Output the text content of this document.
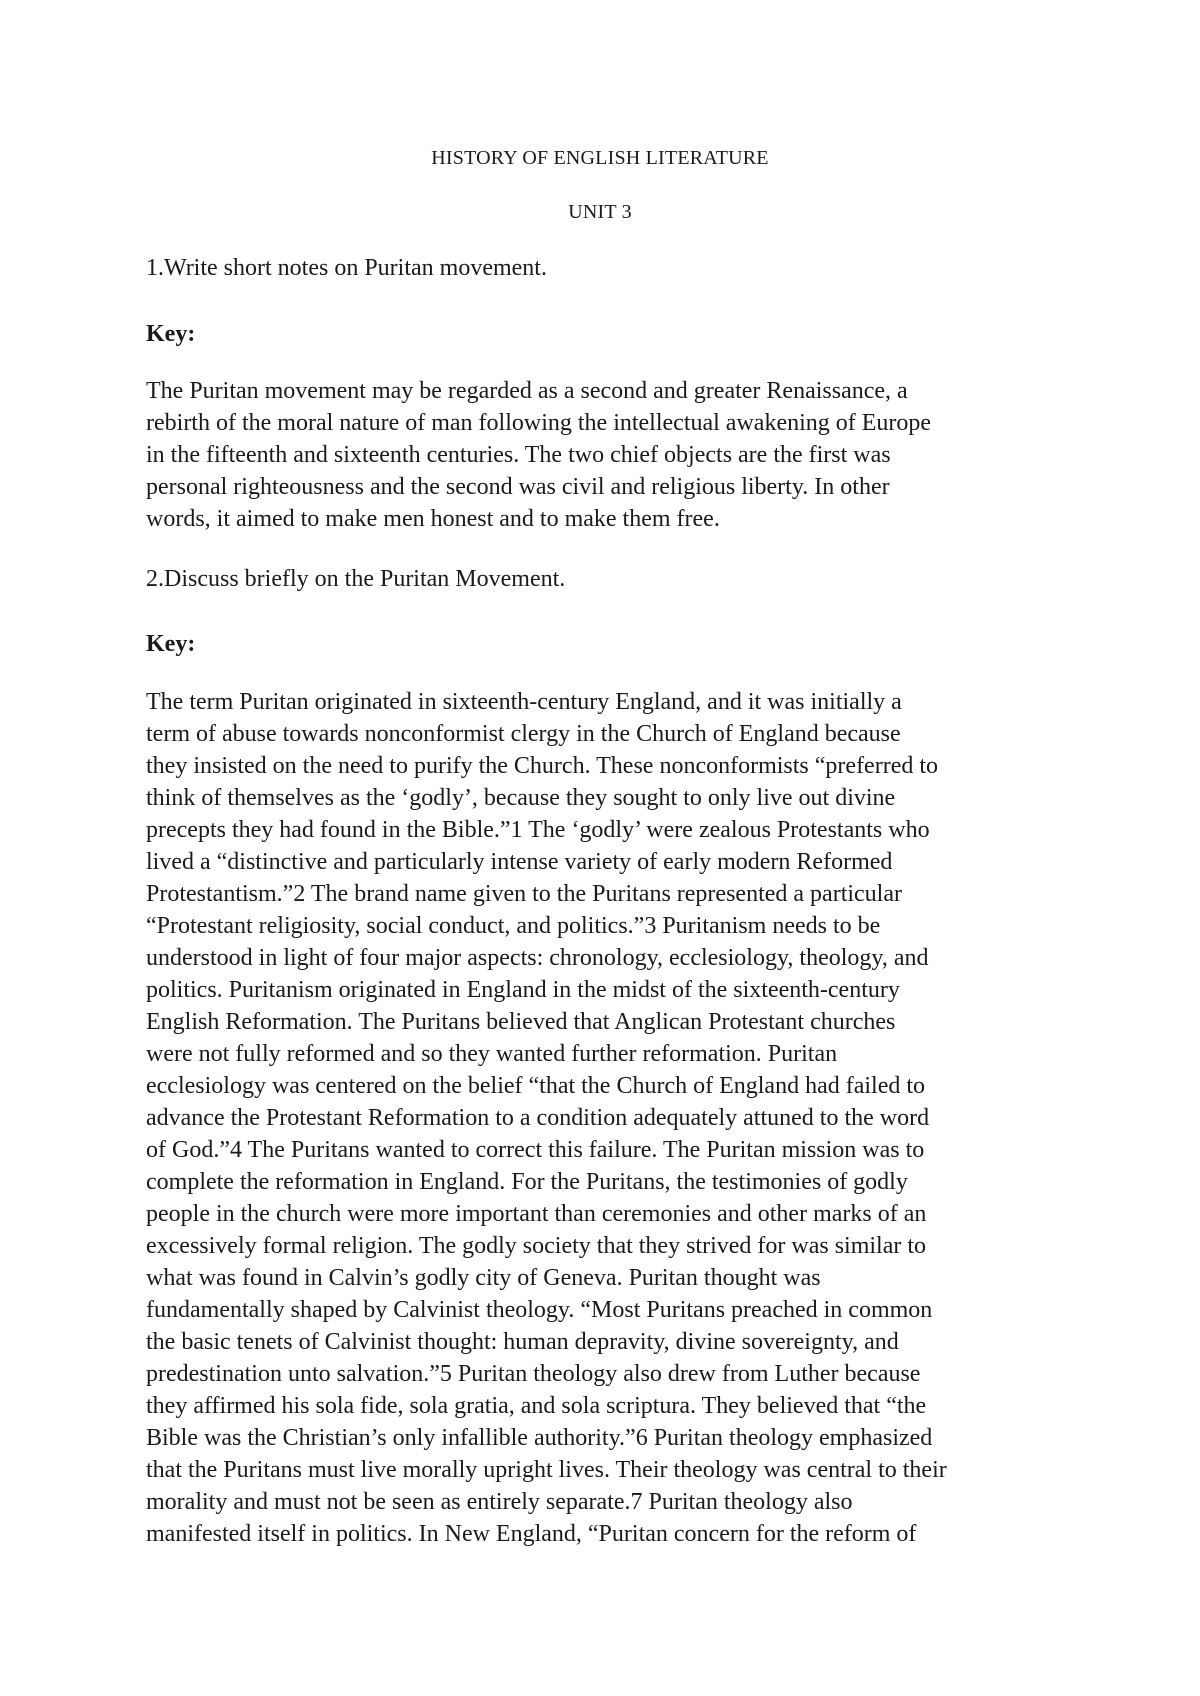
HISTORY OF ENGLISH LITERATURE
UNIT 3
1.Write short notes on Puritan movement.
Key:
The Puritan movement may be regarded as a second and greater Renaissance, a
rebirth of the moral nature of man following the intellectual awakening of Europe
in the fifteenth and sixteenth centuries. The two chief objects are the first was
personal righteousness and the second was civil and religious liberty. In other
words, it aimed to make men honest and to make them free.
2.Discuss briefly on the Puritan Movement.
Key:
The term Puritan originated in sixteenth-century England, and it was initially a
term of abuse towards nonconformist clergy in the Church of England because
they insisted on the need to purify the Church. These nonconformists “preferred to
think of themselves as the ‘godly’, because they sought to only live out divine
precepts they had found in the Bible.”1 The ‘godly’ were zealous Protestants who
lived a “distinctive and particularly intense variety of early modern Reformed
Protestantism.”2 The brand name given to the Puritans represented a particular
“Protestant religiosity, social conduct, and politics.”3 Puritanism needs to be
understood in light of four major aspects: chronology, ecclesiology, theology, and
politics. Puritanism originated in England in the midst of the sixteenth-century
English Reformation. The Puritans believed that Anglican Protestant churches
were not fully reformed and so they wanted further reformation. Puritan
ecclesiology was centered on the belief “that the Church of England had failed to
advance the Protestant Reformation to a condition adequately attuned to the word
of God.”4 The Puritans wanted to correct this failure. The Puritan mission was to
complete the reformation in England. For the Puritans, the testimonies of godly
people in the church were more important than ceremonies and other marks of an
excessively formal religion. The godly society that they strived for was similar to
what was found in Calvin’s godly city of Geneva. Puritan thought was
fundamentally shaped by Calvinist theology. “Most Puritans preached in common
the basic tenets of Calvinist thought: human depravity, divine sovereignty, and
predestination unto salvation.”5 Puritan theology also drew from Luther because
they affirmed his sola fide, sola gratia, and sola scriptura. They believed that “the
Bible was the Christian’s only infallible authority.”6 Puritan theology emphasized
that the Puritans must live morally upright lives. Their theology was central to their
morality and must not be seen as entirely separate.7 Puritan theology also
manifested itself in politics. In New England, “Puritan concern for the reform of
